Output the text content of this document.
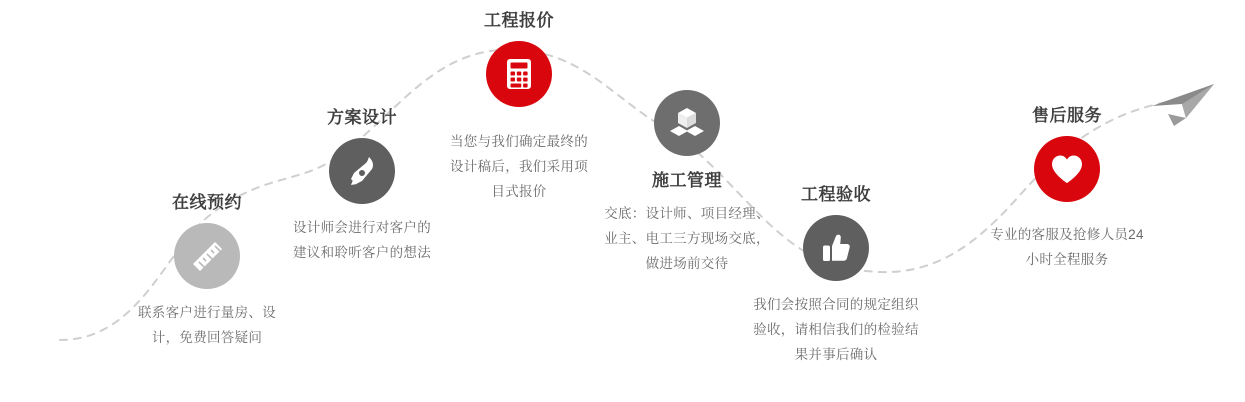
在线预约
联系客户进行量房、设计，免费回答疑问
方案设计
设计师会进行对客户的建议和聆听客户的想法
工程报价
当您与我们确定最终的设计稿后，我们采用项目式报价
施工管理
交底：设计师、项目经理、业主、电工三方现场交底，做进场前交待
工程验收
我们会按照合同的规定组织验收，请相信我们的检验结果并事后确认
售后服务
专业的客服及抢修人员24小时全程服务
